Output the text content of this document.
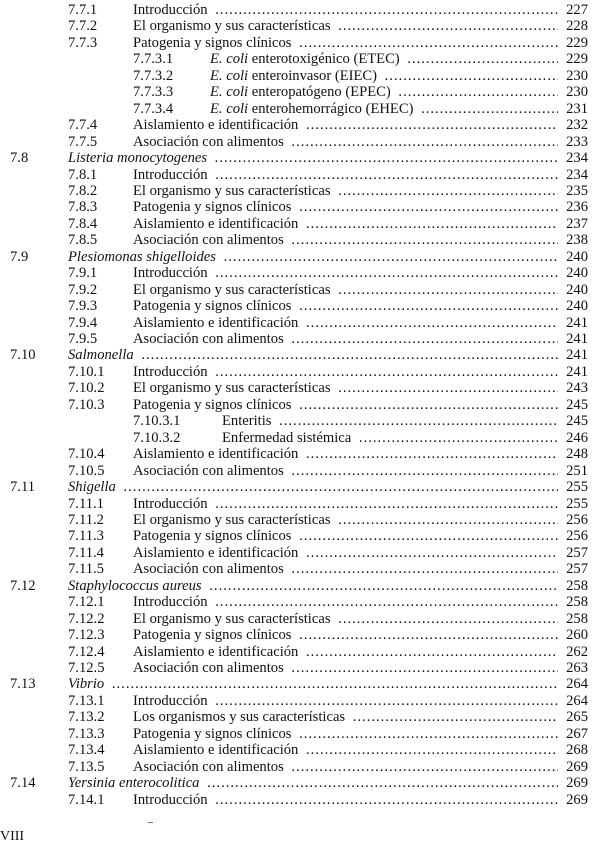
7.7.1 Introducción .....	227
7.7.2 El organismo y sus características .....	228
7.7.3 Patogenia y signos clínicos .....	229
7.7.3.1	E. coli enterotoxigénico (ETEC) .....	229
7.7.3.2	E. coli enteroinvasor (EIEC) .....	230
7.7.3.3	E. coli enteropatógeno (EPEC) .....	230
7.7.3.4	E. coli enterohemorrágico (EHEC) .....	231
7.7.4 Aislamiento e identificación .....	232
7.7.5 Asociación con alimentos .....	233
7.8	Listeria monocytogenes .....	234
7.8.1 Introducción .....	234
7.8.2 El organismo y sus características .....	235
7.8.3 Patogenia y signos clínicos .....	236
7.8.4 Aislamiento e identificación .....	237
7.8.5 Asociación con alimentos .....	238
7.9	Plesiomonas shigelloides .....	240
7.9.1 Introducción .....	240
7.9.2 El organismo y sus características .....	240
7.9.3 Patogenia y signos clínicos .....	240
7.9.4 Aislamiento e identificación .....	241
7.9.5 Asociación con alimentos .....	241
7.10 Salmonella .....	241
7.10.1 Introducción .....	241
7.10.2 El organismo y sus características .....	243
7.10.3 Patogenia y signos clínicos .....	245
7.10.3.1	Enteritis .....	245
7.10.3.2	Enfermedad sistémica .....	246
7.10.4 Aislamiento e identificación .....	248
7.10.5 Asociación con alimentos .....	251
7.11 Shigella .....	255
7.11.1 Introducción .....	255
7.11.2 El organismo y sus características .....	256
7.11.3 Patogenia y signos clínicos .....	256
7.11.4 Aislamiento e identificación .....	257
7.11.5 Asociación con alimentos .....	257
7.12 Staphylococcus aureus .....	258
7.12.1 Introducción .....	258
7.12.2 El organismo y sus características .....	258
7.12.3 Patogenia y signos clínicos .....	260
7.12.4 Aislamiento e identificación .....	262
7.12.5 Asociación con alimentos .....	263
7.13 Vibrio .....	264
7.13.1 Introducción .....	264
7.13.2 Los organismos y sus características .....	265
7.13.3 Patogenia y signos clínicos .....	267
7.13.4 Aislamiento e identificación .....	268
7.13.5 Asociación con alimentos .....	269
7.14 Yersinia enterocolitica .....	269
7.14.1 Introducción .....	269
VIII
